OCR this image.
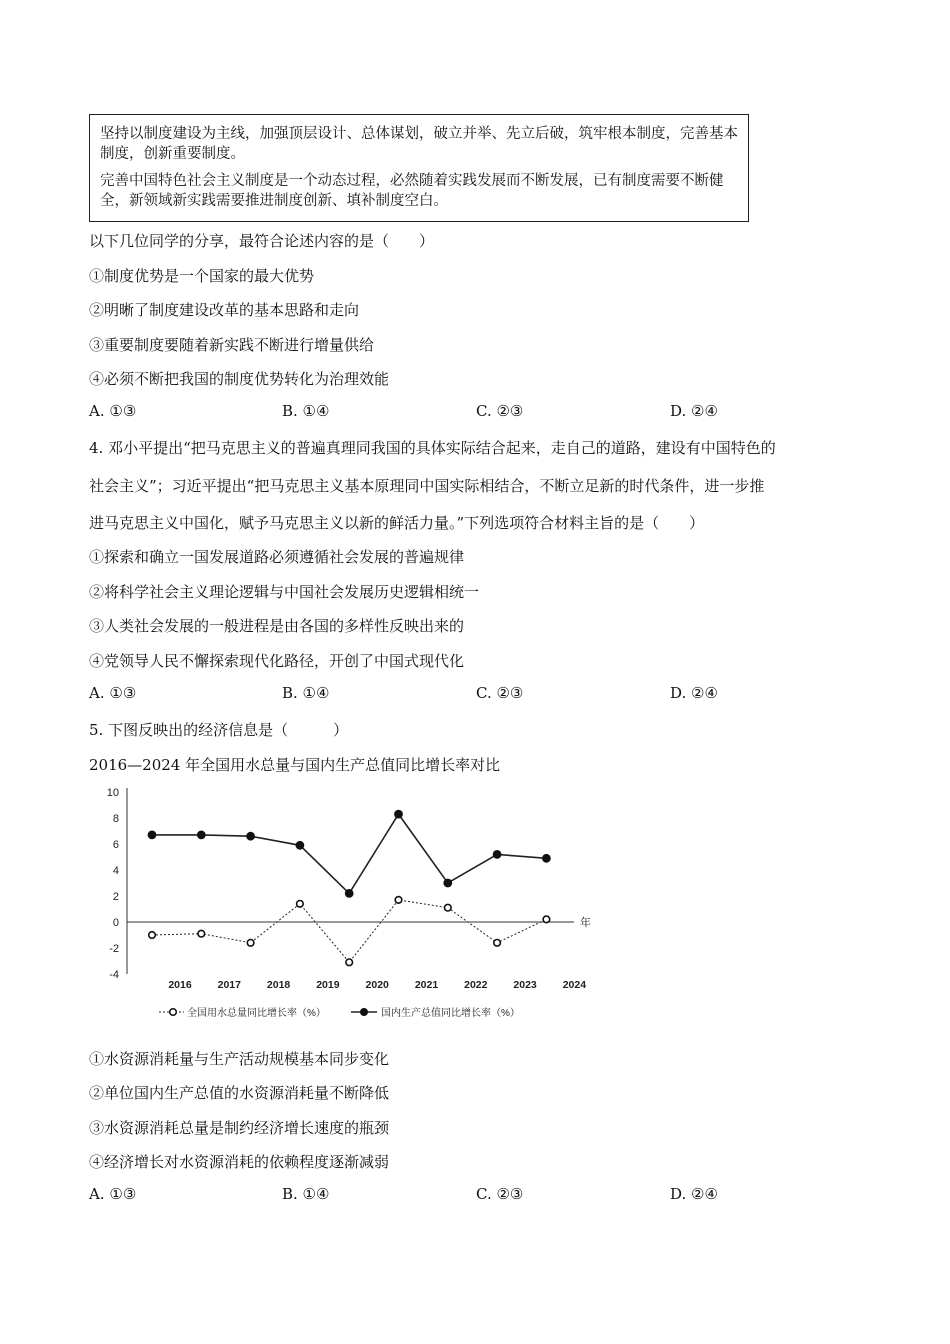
坚持以制度建设为主线，加强顶层设计、总体谋划，破立并举、先立后破，筑牢根本制度，完善基本制度，创新重要制度。

完善中国特色社会主义制度是一个动态过程，必然随着实践发展而不断发展，已有制度需要不断健全，新领域新实践需要推进制度创新、填补制度空白。

以下几位同学的分享，最符合论述内容的是（　　）
①制度优势是一个国家的最大优势
②明晰了制度建设改革的基本思路和走向
③重要制度要随着新实践不断进行增量供给
④必须不断把我国的制度优势转化为治理效能
A. ①③	B. ①④	C. ②③	D. ②④
4. 邓小平提出“把马克思主义的普遍真理同我国的具体实际结合起来，走自己的道路，建设有中国特色的
社会主义”；习近平提出“把马克思主义基本原理同中国实际相结合，不断立足新的时代条件，进一步推
进马克思主义中国化，赋予马克思主义以新的鲜活力量。”下列选项符合材料主旨的是（　　）
①探索和确立一国发展道路必须遵循社会发展的普遍规律
②将科学社会主义理论逻辑与中国社会发展历史逻辑相统一
③人类社会发展的一般进程是由各国的多样性反映出来的
④党领导人民不懈探索现代化路径，开创了中国式现代化
A. ①③	B. ①④	C. ②③	D. ②④
5. 下图反映出的经济信息是（　　　）
2016—2024 年全国用水总量与国内生产总值同比增长率对比
10
8
6
4
2
0
-2
-4
年
2016 2017 2018 2019 2020 2021 2022 2023 2024
全国用水总量同比增长率（%）	国内生产总值同比增长率（%）
①水资源消耗量与生产活动规模基本同步变化
②单位国内生产总值的水资源消耗量不断降低
③水资源消耗总量是制约经济增长速度的瓶颈
④经济增长对水资源消耗的依赖程度逐渐减弱
A. ①③	B. ①④	C. ②③	D. ②④
